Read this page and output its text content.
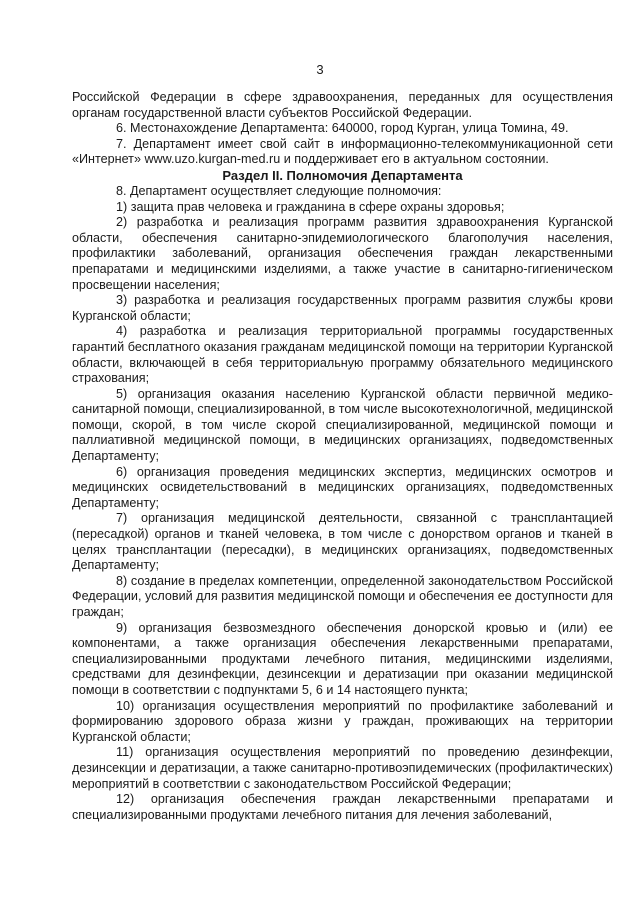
3

Российской Федерации в сфере здравоохранения, переданных для осуществления органам государственной власти субъектов Российской Федерации.

6. Местонахождение Департамента: 640000, город Курган, улица Томина, 49.

7. Департамент имеет свой сайт в информационно-телекоммуникационной сети «Интернет» www.uzo.kurgan-med.ru и поддерживает его в актуальном состоянии.

Раздел II. Полномочия Департамента

8. Департамент осуществляет следующие полномочия:

1) защита прав человека и гражданина в сфере охраны здоровья;

2) разработка и реализация программ развития здравоохранения Курганской области, обеспечения санитарно-эпидемиологического благополучия населения, профилактики заболеваний, организация обеспечения граждан лекарственными препаратами и медицинскими изделиями, а также участие в санитарно-гигиеническом просвещении населения;

3) разработка и реализация государственных программ развития службы крови Курганской области;

4) разработка и реализация территориальной программы государственных гарантий бесплатного оказания гражданам медицинской помощи на территории Курганской области, включающей в себя территориальную программу обязательного медицинского страхования;

5) организация оказания населению Курганской области первичной медико-санитарной помощи, специализированной, в том числе высокотехнологичной, медицинской помощи, скорой, в том числе скорой специализированной, медицинской помощи и паллиативной медицинской помощи, в медицинских организациях, подведомственных Департаменту;

6) организация проведения медицинских экспертиз, медицинских осмотров и медицинских освидетельствований в медицинских организациях, подведомственных Департаменту;

7) организация медицинской деятельности, связанной с трансплантацией (пересадкой) органов и тканей человека, в том числе с донорством органов и тканей в целях трансплантации (пересадки), в медицинских организациях, подведомственных Департаменту;

8) создание в пределах компетенции, определенной законодательством Российской Федерации, условий для развития медицинской помощи и обеспечения ее доступности для граждан;

9) организация безвозмездного обеспечения донорской кровью и (или) ее компонентами, а также организация обеспечения лекарственными препаратами, специализированными продуктами лечебного питания, медицинскими изделиями, средствами для дезинфекции, дезинсекции и дератизации при оказании медицинской помощи в соответствии с подпунктами 5, 6 и 14 настоящего пункта;

10) организация осуществления мероприятий по профилактике заболеваний и формированию здорового образа жизни у граждан, проживающих на территории Курганской области;

11) организация осуществления мероприятий по проведению дезинфекции, дезинсекции и дератизации, а также санитарно-противоэпидемических (профилактических) мероприятий в соответствии с законодательством Российской Федерации;

12) организация обеспечения граждан лекарственными препаратами и специализированными продуктами лечебного питания для лечения заболеваний,
